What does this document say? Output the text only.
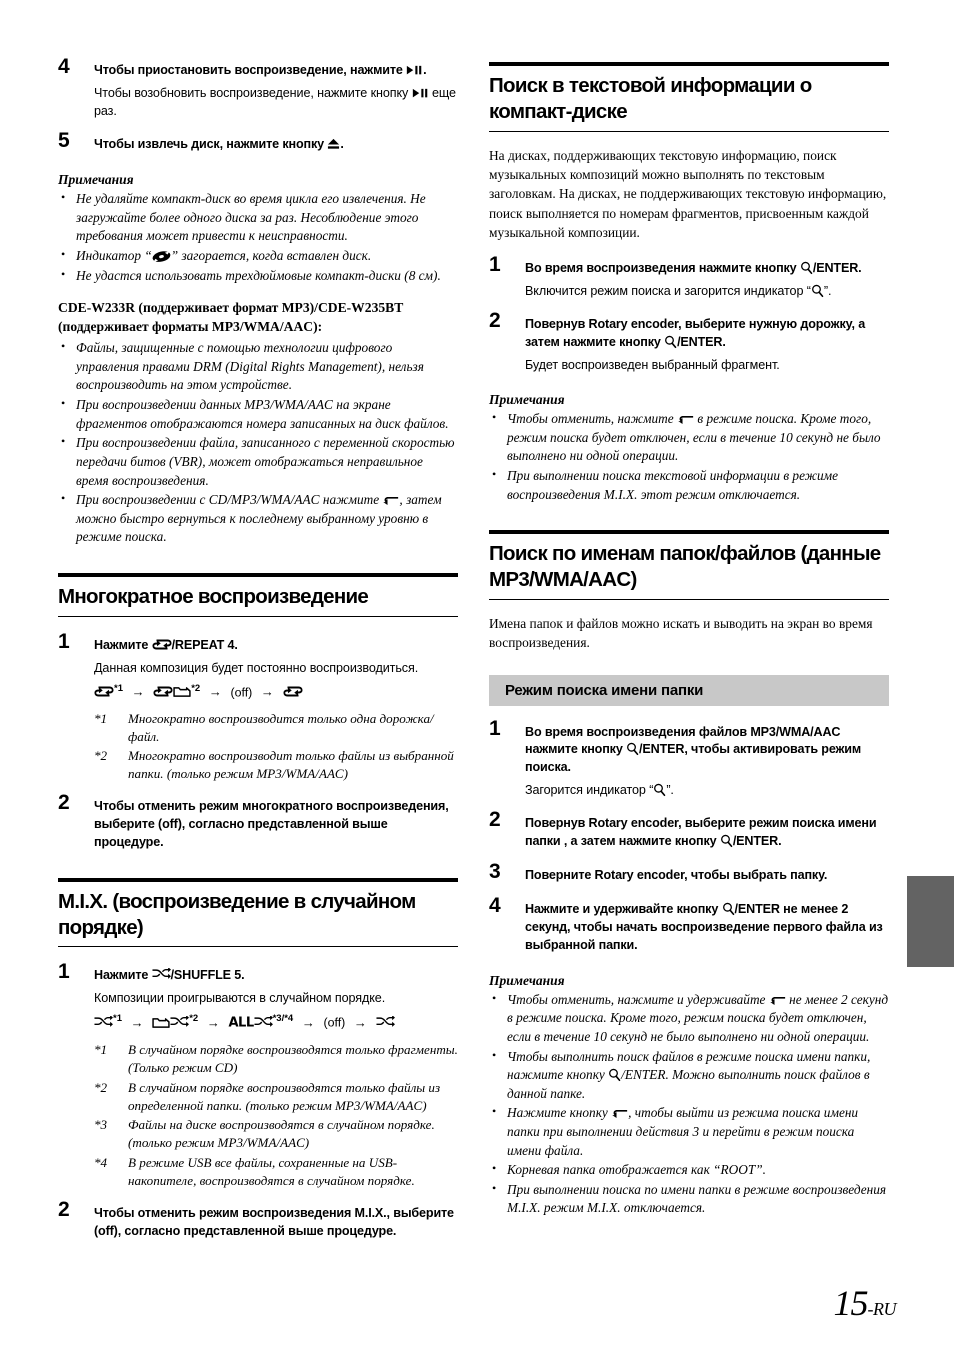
4 Чтобы приостановить воспроизведение, нажмите
.
Чтобы возобновить воспроизведение, нажмите кнопку
еще раз.
5 Чтобы извлечь диск, нажмите кнопку
.
Примечания
• Не удаляйте компакт-диск во время цикла его извлечения. Не загружайте более одного диска за раз. Несоблюдение этого требования может привести к неисправности.
• Индикатор “ ” загорается, когда вставлен диск.
• Не удастся использовать трехдюймовые компакт-диски (8 см).
CDE-W233R (поддерживает формат MP3)/CDE-W235BT (поддерживает форматы MP3/WMA/AAC):
• Файлы, защищенные с помощью технологии цифрового управления правами DRM (Digital Rights Management), нельзя воспроизводить на этом устройстве.
• При воспроизведении данных MP3/WMA/AAC на экране фрагментов отображаются номера записанных на диск файлов.
• При воспроизведении файла, записанного с переменной скоростью передачи битов (VBR), может отображаться неправильное время воспроизведения.
• При воспроизведении с CD/MP3/WMA/AAC нажмите
, затем можно быстро вернуться к последнему выбранному уровню в режиме поиска.
Многократное воспроизведение
1 Нажмите
/REPEAT 4.
Данная композиция будет постоянно воспроизводиться.
$^{*1}$ →	$^{*2}$ → (off) →
*1 Многократно воспроизводится только одна дорожка/файл.
*2 Многократно воспроизводит только файлы из выбранной папки. (только режим MP3/WMA/AAC)
2 Чтобы отменить режим многократного воспроизведения, выберите (off), согласно представленной выше процедуре.
M.I.X. (воспроизведение в случайном порядке)
1 Нажмите
/SHUFFLE 5.
Композиции проигрываются в случайном порядке.
$^{*1}$ →	$^{*2}$ → ALL $^{*3/*4}$ → (off) →
*1 В случайном порядке воспроизводятся только фрагменты. (Только режим CD)
*2 В случайном порядке воспроизводятся только файлы из определенной папки. (только режим MP3/WMA/AAC)
*3 Файлы на диске воспроизводятся в случайном порядке. (только режим MP3/WMA/AAC)
*4 В режиме USB все файлы, сохраненные на USB-накопителе, воспроизводятся в случайном порядке.
2 Чтобы отменить режим воспроизведения M.I.X., выберите (off), согласно представленной выше процедуре.
Поиск в текстовой информации о компакт-диске
На дисках, поддерживающих текстовую информацию, поиск музыкальных композиций можно выполнять по текстовым заголовкам. На дисках, не поддерживающих текстовую информацию, поиск выполняется по номерам фрагментов, присвоенным каждой музыкальной композиции.
1 Во время воспроизведения нажмите кнопку
/ENTER.
Включится режим поиска и загорится индикатор “ ”.
2 Повернув Rotary encoder, выберите нужную дорожку, а затем нажмите кнопку
/ENTER.
Будет воспроизведен выбранный фрагмент.
Примечания
• Чтобы отменить, нажмите
в режиме поиска. Кроме того, режим поиска будет отключен, если в течение 10 секунд не было выполнено ни одной операции.
• При выполнении поиска текстовой информации в режиме воспроизведения M.I.X. этот режим отключается.
Поиск по именам папок/файлов (данные MP3/WMA/AAC)
Имена папок и файлов можно искать и выводить на экран во время воспроизведения.
Режим поиска имени папки
1 Во время воспроизведения файлов MP3/WMA/AAC нажмите кнопку
/ENTER, чтобы активировать режим поиска.
Загорится индикатор “ ”.
2 Повернув Rotary encoder, выберите режим поиска имени папки , а затем нажмите кнопку
/ENTER.
3 Поверните Rotary encoder, чтобы выбрать папку.
4 Нажмите и удерживайте кнопку
/ENTER не менее 2 секунд, чтобы начать воспроизведение первого файла из выбранной папки.
Примечания
• Чтобы отменить, нажмите и удерживайте
не менее 2 секунд в режиме поиска. Кроме того, режим поиска будет отключен, если в течение 10 секунд не было выполнено ни одной операции.
• Чтобы выполнить поиск файлов в режиме поиска имени папки, нажмите кнопку
/ENTER. Можно выполнить поиск файлов в данной папке.
• Нажмите кнопку
, чтобы выйти из режима поиска имени папки при выполнении действия 3 и перейти в режим поиска имени файла.
• Корневая папка отображается как “ROOT”.
• При выполнении поиска по имени папки в режиме воспроизведения M.I.X. режим M.I.X. отключается.
15-RU
